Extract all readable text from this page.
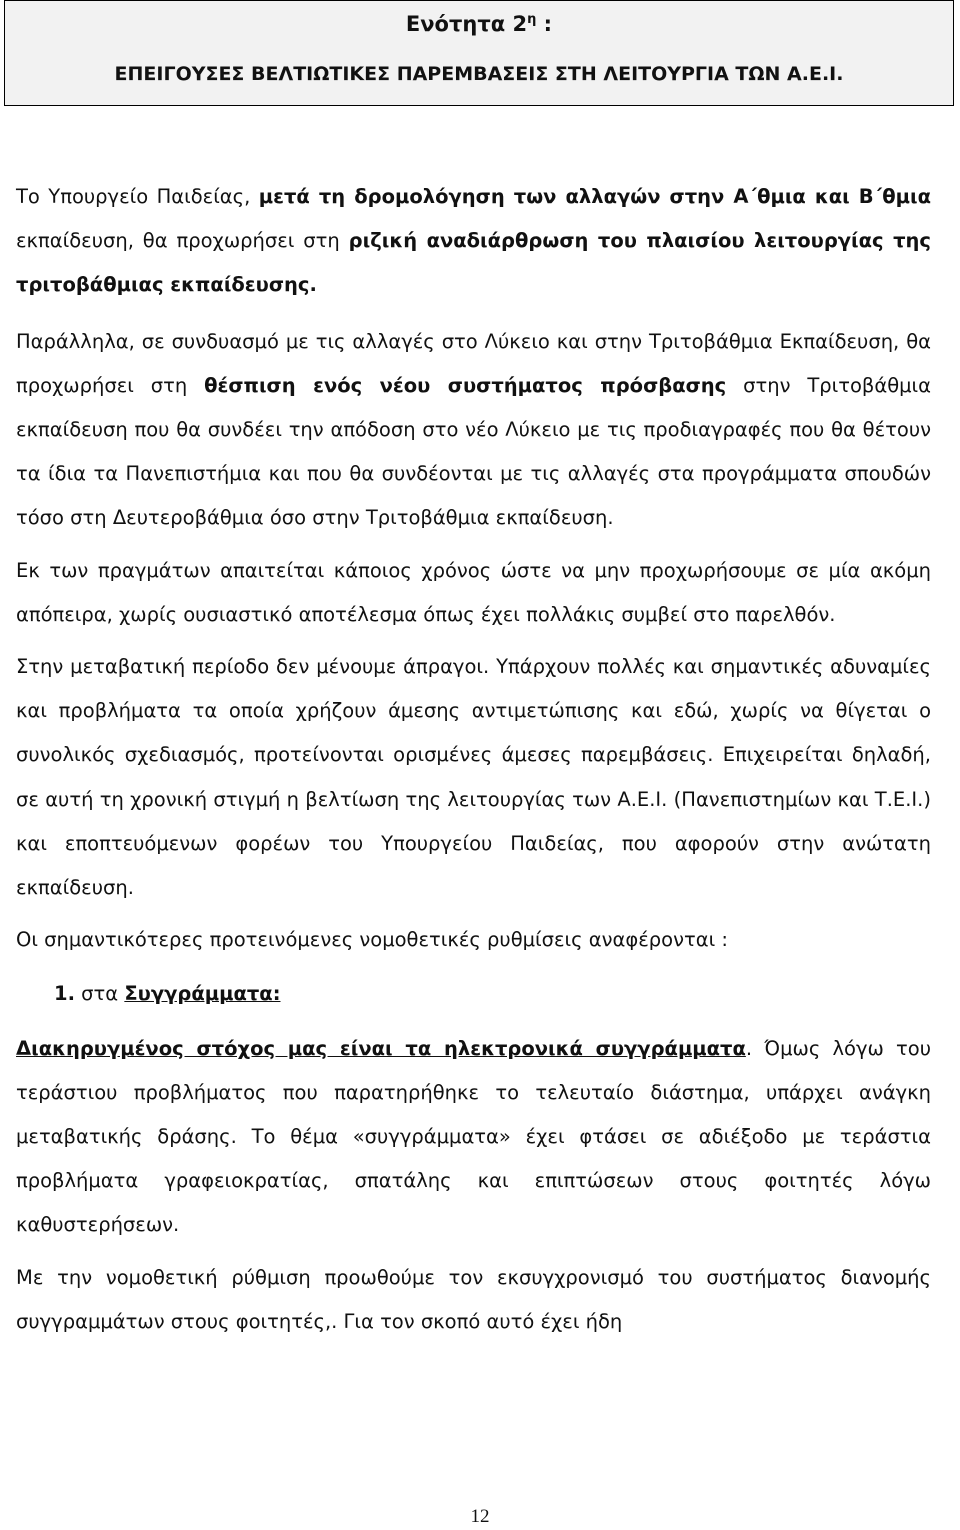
Ενότητα $2^\eta$ :
ΕΠΕΙΓΟΥΣΕΣ ΒΕΛΤΙΩΤΙΚΕΣ ΠΑΡΕΜΒΑΣΕΙΣ ΣΤΗ ΛΕΙΤΟΥΡΓΙΑ ΤΩΝ Α.Ε.Ι.

Το Υπουργείο Παιδείας, μετά τη δρομολόγηση των αλλαγών στην Α΄θμια και Β΄θμια εκπαίδευση, θα προχωρήσει στη ριζική αναδιάρθρωση του πλαισίου λειτουργίας της τριτοβάθμιας εκπαίδευσης.

Παράλληλα, σε συνδυασμό με τις αλλαγές στο Λύκειο και στην Τριτοβάθμια Εκπαίδευση, θα προχωρήσει στη θέσπιση ενός νέου συστήματος πρόσβασης στην Τριτοβάθμια εκπαίδευση που θα συνδέει την απόδοση στο νέο Λύκειο με τις προδιαγραφές που θα θέτουν τα ίδια τα Πανεπιστήμια και που θα συνδέονται με τις αλλαγές στα προγράμματα σπουδών τόσο στη Δευτεροβάθμια όσο στην Τριτοβάθμια εκπαίδευση.

Εκ των πραγμάτων απαιτείται κάποιος χρόνος ώστε να μην προχωρήσουμε σε μία ακόμη απόπειρα, χωρίς ουσιαστικό αποτέλεσμα όπως έχει πολλάκις συμβεί στο παρελθόν.

Στην μεταβατική περίοδο δεν μένουμε άπραγοι. Υπάρχουν πολλές και σημαντικές αδυναμίες και προβλήματα τα οποία χρήζουν άμεσης αντιμετώπισης και εδώ, χωρίς να θίγεται ο συνολικός σχεδιασμός, προτείνονται ορισμένες άμεσες παρεμβάσεις. Επιχειρείται δηλαδή, σε αυτή τη χρονική στιγμή η βελτίωση της λειτουργίας των Α.Ε.Ι. (Πανεπιστημίων και Τ.Ε.Ι.) και εποπτευόμενων φορέων του Υπουργείου Παιδείας, που αφορούν στην ανώτατη εκπαίδευση.

Οι σημαντικότερες προτεινόμενες νομοθετικές ρυθμίσεις αναφέρονται :

1. στα Συγγράμματα:

Διακηρυγμένος στόχος μας είναι τα ηλεκτρονικά συγγράμματα. Όμως λόγω του τεράστιου προβλήματος που παρατηρήθηκε το τελευταίο διάστημα, υπάρχει ανάγκη μεταβατικής δράσης. Το θέμα «συγγράμματα» έχει φτάσει σε αδιέξοδο με τεράστια προβλήματα γραφειοκρατίας, σπατάλης και επιπτώσεων στους φοιτητές λόγω καθυστερήσεων.

Με την νομοθετική ρύθμιση προωθούμε τον εκσυγχρονισμό του συστήματος διανομής συγγραμμάτων στους φοιτητές,. Για τον σκοπό αυτό έχει ήδη

12
